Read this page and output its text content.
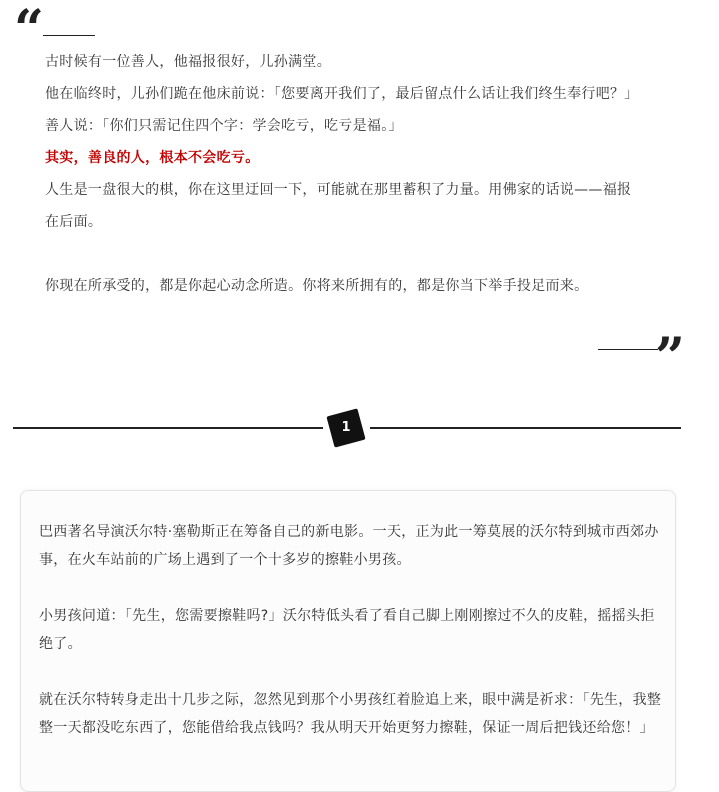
“

古时候有一位善人，他福报很好，儿孙满堂。

他在临终时，儿孙们跪在他床前说：「您要离开我们了，最后留点什么话让我们终生奉行吧？」

善人说：「你们只需记住四个字：学会吃亏，吃亏是福。」

其实，善良的人，根本不会吃亏。

人生是一盘很大的棋，你在这里迂回一下，可能就在那里蓄积了力量。用佛家的话说——福报在后面。

你现在所承受的，都是你起心动念所造。你将来所拥有的，都是你当下举手投足而来。

”
1

巴西著名导演沃尔特·塞勒斯正在筹备自己的新电影。一天，正为此一筹莫展的沃尔特到城市西郊办事，在火车站前的广场上遇到了一个十多岁的擦鞋小男孩。

小男孩问道：「先生，您需要擦鞋吗?」沃尔特低头看了看自己脚上刚刚擦过不久的皮鞋，摇摇头拒绝了。

就在沃尔特转身走出十几步之际，忽然见到那个小男孩红着脸追上来，眼中满是祈求：「先生，我整整一天都没吃东西了，您能借给我点钱吗？我从明天开始更努力擦鞋，保证一周后把钱还给您！」
